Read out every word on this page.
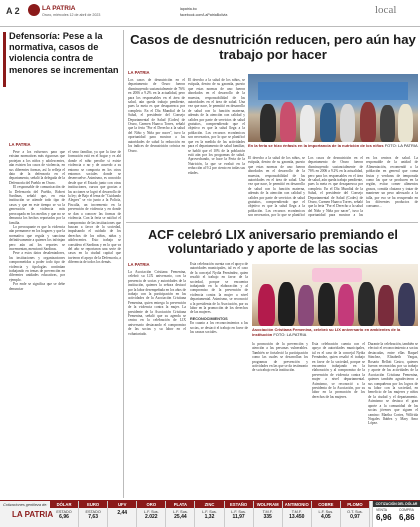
A 2	LA PATRIA
Oruro, miércoles 12 de abril de 2023
lapatria.bo
facebook.com/LaPatriaBolivia	local
Defensoría: Pese a la normativa, casos de violencia contra de menores se incrementan
LA PATRIA

Pese a los esfuerzos para que existan normativas más rigurosas que protejan a los niños y adolescentes, aún existen los casos de violencia, en sus diferentes formas, así lo refleja el dato de la defensoría en el departamento, señaló la delegada de la Defensoría del Pueblo en Oruro.

El responsable de comunicación de la Defensoría del Pueblo, Robert Sardinas, señaló que, en esta institución se atiende todo tipo de casos y que en este tiempo se va la generación de violencia más preocupada en los medios y que no se denuncia los hechos reportados por la familia.

Lo preocupante es que la violencia aún permanece en los hogares y que la normativa que regula y sanciona definitivamente a quienes los infrinjan pero aún así los reportes se incrementan, mencionó Sardinas.

Pese a estos datos desalentadores, las instituciones y organizaciones comprometidas a poder todo tipo de violencia y tipologías continúan trabajando en temas de prevención en diferentes unidades educativas, por ejemplo.

Por ende se significa que se debe denunciar

el seno familiar, ya que la fase de formación está en el hogar y es ahí donde el niño percibe si existe violencia o no y de acuerdo a su entorno se comporta en los otros entornos sociales donde se desenvuelve. Asimismo, es conocido desde que el Estado junto con otras instituciones, cursos que gracias a las acciones se logró el desarrollo de la ley; de Bajo el lema de "Cuidando Alegres" se vio junto a la Policía, Fiscalía, un incremento en la prevención de violencia y en donde se dan a conocer las formas de violencia. Con la feria se ratificó el compromiso de las instituciones que buscan a favor de la sociedad, impulsando el cuidado de los derechos de los niños, niñas y adolescentes. Esto trabajo se considera el Sardinas y en lo que va del año se reportaron una serie de casos en la ciudad capital que tuvieron el apoyo de la Defensoría, a diferencia de todos los demás.
Casos de desnutrición reducen, pero aún hay trabajo por hacer
LA PATRIA
Los casos de desnutrición en el departamento de Oruro fueron disminuyendo sustancialmente de 76% en 2006 a 9.2% en la actualidad, pero para los responsables en el área de salud, aún queda trabajo pendiente, pues la meta es que desaparezca por completo. En el Día Mundial de la Salud, el presidente del Consejo Departamental de Salud (Codes) de Oruro, Carmen Huarca Torres, señaló que la feria "Por el Derecho a la salud del Niño y Niña por nacer", tuvo la oportunidad para mostrar a las autoridades de salud la reducción en los índices de desnutrición crónica en Oruro.
El derecho a la salud de los niños, se estipula, dentro de su garantía, puesto que estas normas de uno fueron abordados en el desarrollo de la muestra, responsabilidad de las autoridades en el área de salud. Una vez que nace, le permitió en desarrollo de salud con la función materna, además de la atención con calidad y calidez por parte de servicios de salud gratuitos, comprendiendo que el objetivo es que la salud llega a la población. Los recursos económicos son necesarios, por lo que se planificó que en la medida de las actividades para el departamento de salud familiar, se habló que el 10% de la población está aún por los programas de salud. Aprovechando, se hace la Feria de la Nutrición, la que se evaluó en la reducción al 9.2 por ciento en todas sus edades.
En la feria se hizo énfasis en la importancia de la nutrición de los niños FOTO: LA PATRIA
El derecho a la salud de los niños, se estipula, dentro de su garantía, puesto que estas normas de uno fueron abordados en el desarrollo de la muestra, responsabilidad de las autoridades en el área de salud. Una vez que nace, le permitió en desarrollo de salud con la función materna, además de la atención con calidad y calidez por parte de servicios de salud gratuitos, comprendiendo que el objetivo es que la salud llega a la población. Los recursos económicos son necesarios, por lo que se planificó
Los casos de desnutrición en el departamento de Oruro fueron disminuyendo sustancialmente de 76% en 2006 a 9.2% en la actualidad, pero para los responsables en el área de salud, aún queda trabajo pendiente, pues la meta es que desaparezca por completo. En el Día Mundial de la Salud, el presidente del Consejo Departamental de Salud (Codes) de Oruro, Carmen Huarca Torres, señaló que la feria "Por el Derecho a la salud del Niño y Niña por nacer", tuvo la oportunidad para mostrar a las
en los centros de salud. La responsable de la unidad de Alimentación, recomendó a la población en general que coma frutas y verduras de temporada como las que se producen en la región, evitar comer alimentos grasos, comida chatarra y tratar de mantener un peso adecuado a la talla, por eso se ha recuperado en los diferentes productos de consumo...
ACF celebró LIX aniversario premiando el voluntariado y aporte de las socias
LA PATRIA
La Asociación Cristiana Femenina, celebró su LIX aniversario, con la presencia de socias y autoridades de la institución, quienes la señora destacó por la labor desempeñada en los años de trabajo con la participación en las actividades de la Asociación Cristiana Femenina, quien entrega la prevención de la violencia contra la mujer. La presidente de la Asociación Cristiana Femenina, señaló que su agenda se centra en la celebración de LIX aniversario destacando el compromiso de las socias y su labor en el voluntariado.

Esta celebración cuenta con el apoyo de autoridades municipales, tal es el caso de la concejal Nydia Fernández, quien resaltó el trabajo en favor de la sociedad, porque se encuentra trabajando en la elaboración y al compromiso de la prevención de violencia contra la mujer a nivel departamental. Asimismo, se reconoció a la presidenta de la Asociación, por su labor en la promoción de los derechos de las mujeres.

RECONOCIMIENTOS

En cuanto a los reconocimientos a las socias, se destacó el trabajo en favor de las causas sociales.

Asociación Cristiana Femenina, celebró su LIX aniversario en ambientes de la institución FOTO: LA PATRIA
la promoción de la prevención y atención a las personas vulnerables. También se fortaleció la participación como las cuales se desarrollan los programas de prevención y actividades en las que se da testimonio de su trabajo en la institución.
Esta celebración cuenta con el apoyo de autoridades municipales, tal es el caso de la concejal Nydia Fernández, quien resaltó el trabajo en favor de la sociedad, porque se encuentra trabajando en la elaboración y al compromiso de la prevención de violencia contra la mujer a nivel departamental. Asimismo, se reconoció a la presidenta de la Asociación, por su labor en la promoción de los derechos de las mujeres.
Durante la celebración, también se efectuó el reconocimiento a socias destacadas, entre ellas Raquel Sánchez, Elizabeth Vargas, Rosario Bellott Castro, quienes fueron reconocidas por su trabajo y aporte de las actividades de la Asociación Cristiana Femenina, quienes también agradecieron a sus compañeras por los logros de su labor con la sociedad, en beneficio de las mujeres y niños de la ciudad y el departamento. Asimismo se destaca el gran aporte a la comunidad de las socias jóvenes que siguen el camino: Martha Cortez, Wilfrida Nogales Ibáñez y Mary Amo López.
Cotizaciones gentileza de:
LA PATRIA
DÓLAR
ESTADO
6,96
EURO
ESTADO
7,63
UFV
2,44
ORO
L.F. Sus.
2.022
PLATA
L.F. Sus.
25,44
ZINC
L.F. Sus.
1,32
ESTAÑO
L.F. Sus.
11,97
WOLFRAM
T.M.F.
335
ANTIMONIO
T.M.F.
13.450
COBRE
L.F. Sus.
4,05
PLOMO
O.T. Sus.
0,97
COTIZACIÓN DEL DÓLAR
VENTA
6,96
COMPRA
6,86
